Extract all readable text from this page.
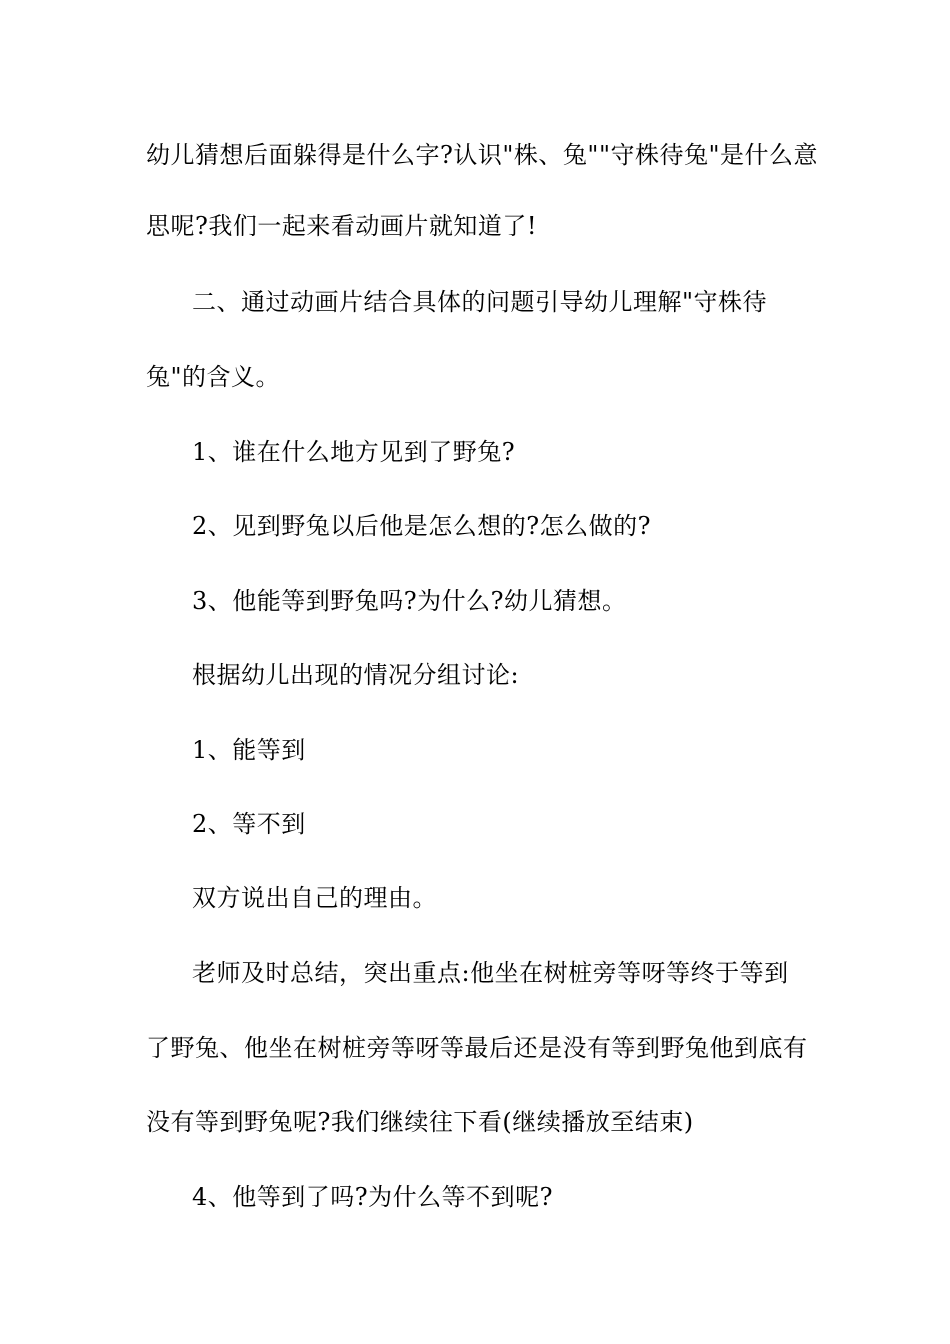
幼儿猜想后面躲得是什么字?认识"株、兔""守株待兔"是什么意
思呢?我们一起来看动画片就知道了!
二、通过动画片结合具体的问题引导幼儿理解"守株待
兔"的含义。
1、谁在什么地方见到了野兔?
2、见到野兔以后他是怎么想的?怎么做的?
3、他能等到野兔吗?为什么?幼儿猜想。
根据幼儿出现的情况分组讨论:
1、能等到
2、等不到
双方说出自己的理由。
老师及时总结，突出重点:他坐在树桩旁等呀等终于等到
了野兔、他坐在树桩旁等呀等最后还是没有等到野兔他到底有
没有等到野兔呢?我们继续往下看(继续播放至结束)
4、他等到了吗?为什么等不到呢?
